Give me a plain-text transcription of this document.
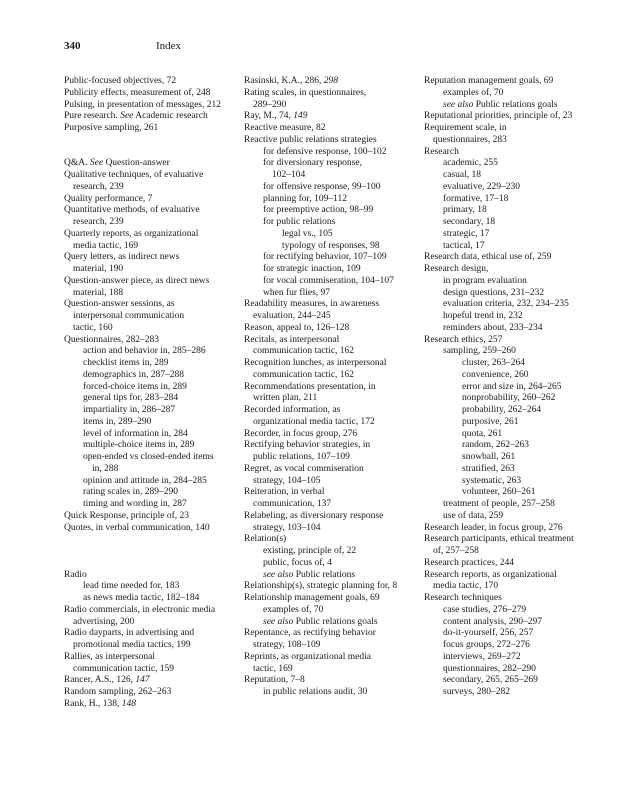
340	Index
Public-focused objectives, 72
Publicity effects, measurement of, 248
Pulsing, in presentation of messages, 212
Pure research. See Academic research
Purposive sampling, 261
Q&A. See Question-answer
Qualitative techniques, of evaluative
research, 239
Quality performance, 7
Quantitative methods, of evaluative
research, 239
Quarterly reports, as organizational
media tactic, 169
Query letters, as indirect news
material, 190
Question-answer piece, as direct news
material, 188
Question-answer sessions, as
interpersonal communication
tactic, 160
Questionnaires, 282–283
action and behavior in, 285–286
checklist items in, 289
demographics in, 287–288
forced-choice items in, 289
general tips for, 283–284
impartiality in, 286–287
items in, 289–290
level of information in, 284
multiple-choice items in, 289
open-ended vs closed-ended items
in, 288
opinion and attitude in, 284–285
rating scales in, 289–290
timing and wording in, 287
Quick Response, principle of, 23
Quotes, in verbal communication, 140
Radio
lead time needed for, 183
as news media tactic, 182–184
Radio commercials, in electronic media
advertising, 200
Radio dayparts, in advertising and
promotional media tactics, 199
Rallies, as interpersonal
communication tactic, 159
Rancer, A.S., 126, 147
Random sampling, 262–263
Rank, H., 138, 148
Rasinski, K.A., 286, 298
Rating scales, in questionnaires,
289–290
Ray, M., 74, 149
Reactive measure, 82
Reactive public relations strategies
for defensive response, 100–102
for diversionary response,
102–104
for offensive response, 99–100
planning for, 109–112
for preemptive action, 98–99
for public relations
legal vs., 105
typology of responses, 98
for rectifying behavior, 107–109
for strategic inaction, 109
for vocal commiseration, 104–107
when fur flies, 97
Readability measures, in awareness
evaluation, 244–245
Reason, appeal to, 126–128
Recitals, as interpersonal
communication tactic, 162
Recognition lunches, as interpersonal
communication tactic, 162
Recommendations presentation, in
written plan, 211
Recorded information, as
organizational media tactic, 172
Recorder, in focus group, 276
Rectifying behavior strategies, in
public relations, 107–109
Regret, as vocal commiseration
strategy, 104–105
Reiteration, in verbal
communication, 137
Relabeling, as diversionary response
strategy, 103–104
Relation(s)
existing, principle of, 22
public, focus of, 4
see also Public relations
Relationship(s), strategic planning for, 8
Relationship management goals, 69
examples of, 70
see also Public relations goals
Repentance, as rectifying behavior
strategy, 108–109
Reprints, as organizational media
tactic, 169
Reputation, 7–8
in public relations audit, 30
Reputation management goals, 69
examples of, 70
see also Public relations goals
Reputational priorities, principle of, 23
Requirement scale, in
questionnaires, 283
Research
academic, 255
casual, 18
evaluative, 229–230
formative, 17–18
primary, 18
secondary, 18
strategic, 17
tactical, 17
Research data, ethical use of, 259
Research design,
in program evaluation
design questions, 231–232
evaluation criteria, 232, 234–235
hopeful trend in, 232
reminders about, 233–234
Research ethics, 257
sampling, 259–260
cluster, 263–264
convenience, 260
error and size in, 264–265
nonprobability, 260–262
probability, 262–264
purposive, 261
quota, 261
random, 262–263
snowball, 261
stratified, 263
systematic, 263
volunteer, 260–261
treatment of people, 257–258
use of data, 259
Research leader, in focus group, 276
Research participants, ethical treatment
of, 257–258
Research practices, 244
Research reports, as organizational
media tactic, 170
Research techniques
case studies, 276–279
content analysis, 290–297
do-it-yourself, 256, 257
focus groups, 272–276
interviews, 269–272
questionnaires, 282–290
secondary, 265, 265–269
surveys, 280–282
